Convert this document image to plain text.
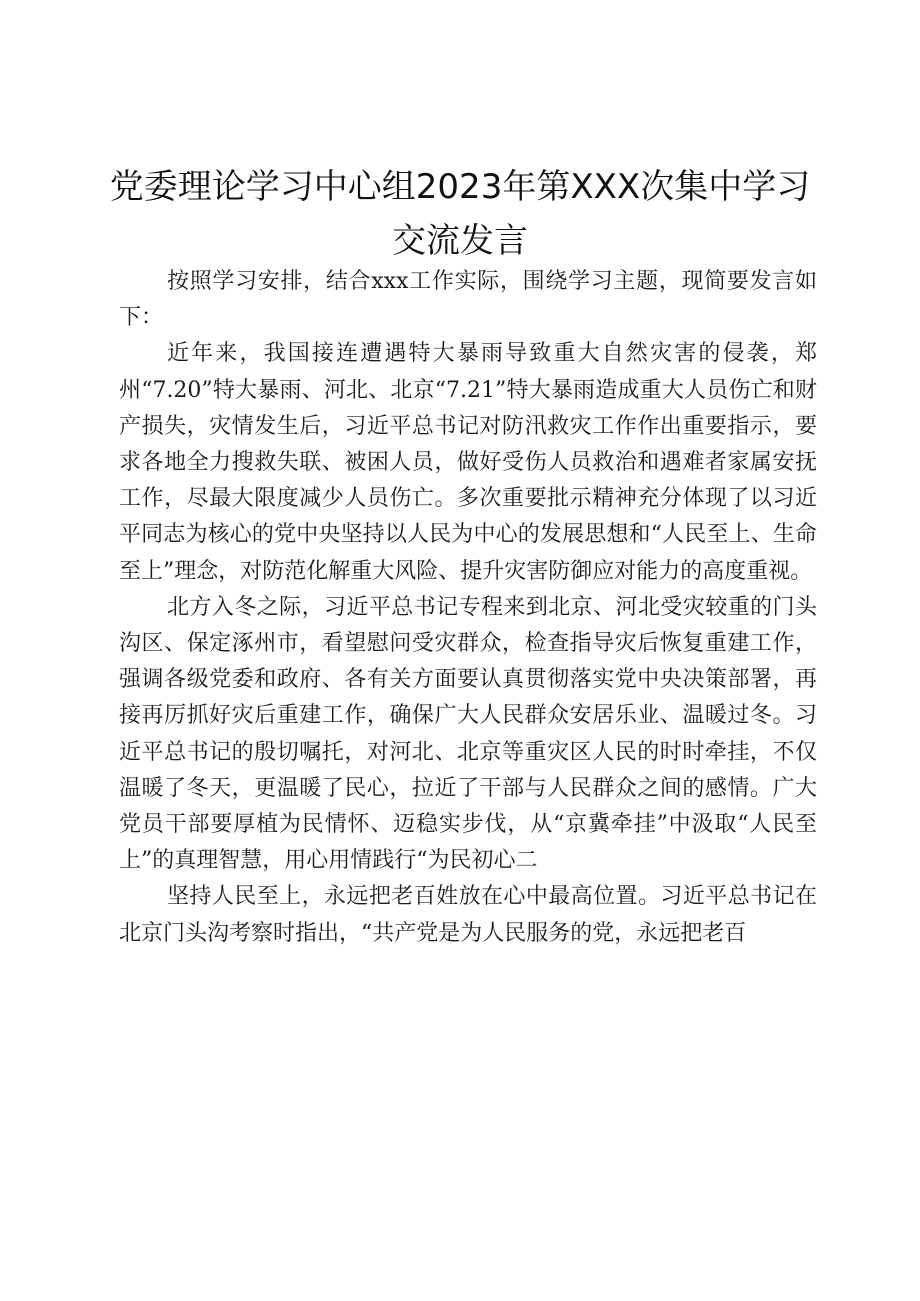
党委理论学习中心组2023年第XXX次集中学习交流发言

按照学习安排，结合xxx工作实际，围绕学习主题，现简要发言如下：

近年来，我国接连遭遇特大暴雨导致重大自然灾害的侵袭，郑州“7.20”特大暴雨、河北、北京“7.21”特大暴雨造成重大人员伤亡和财产损失，灾情发生后，习近平总书记对防汛救灾工作作出重要指示，要求各地全力搜救失联、被困人员，做好受伤人员救治和遇难者家属安抚工作，尽最大限度减少人员伤亡。多次重要批示精神充分体现了以习近平同志为核心的党中央坚持以人民为中心的发展思想和“人民至上、生命至上”理念，对防范化解重大风险、提升灾害防御应对能力的高度重视。

北方入冬之际，习近平总书记专程来到北京、河北受灾较重的门头沟区、保定涿州市，看望慰问受灾群众，检查指导灾后恢复重建工作，强调各级党委和政府、各有关方面要认真贯彻落实党中央决策部署，再接再厉抓好灾后重建工作，确保广大人民群众安居乐业、温暖过冬。习近平总书记的殷切嘱托，对河北、北京等重灾区人民的时时牵挂，不仅温暖了冬天，更温暖了民心，拉近了干部与人民群众之间的感情。广大党员干部要厚植为民情怀、迈稳实步伐，从“京冀牵挂”中汲取“人民至上”的真理智慧，用心用情践行“为民初心二

坚持人民至上，永远把老百姓放在心中最高位置。习近平总书记在北京门头沟考察时指出，“共产党是为人民服务的党，永远把老百
